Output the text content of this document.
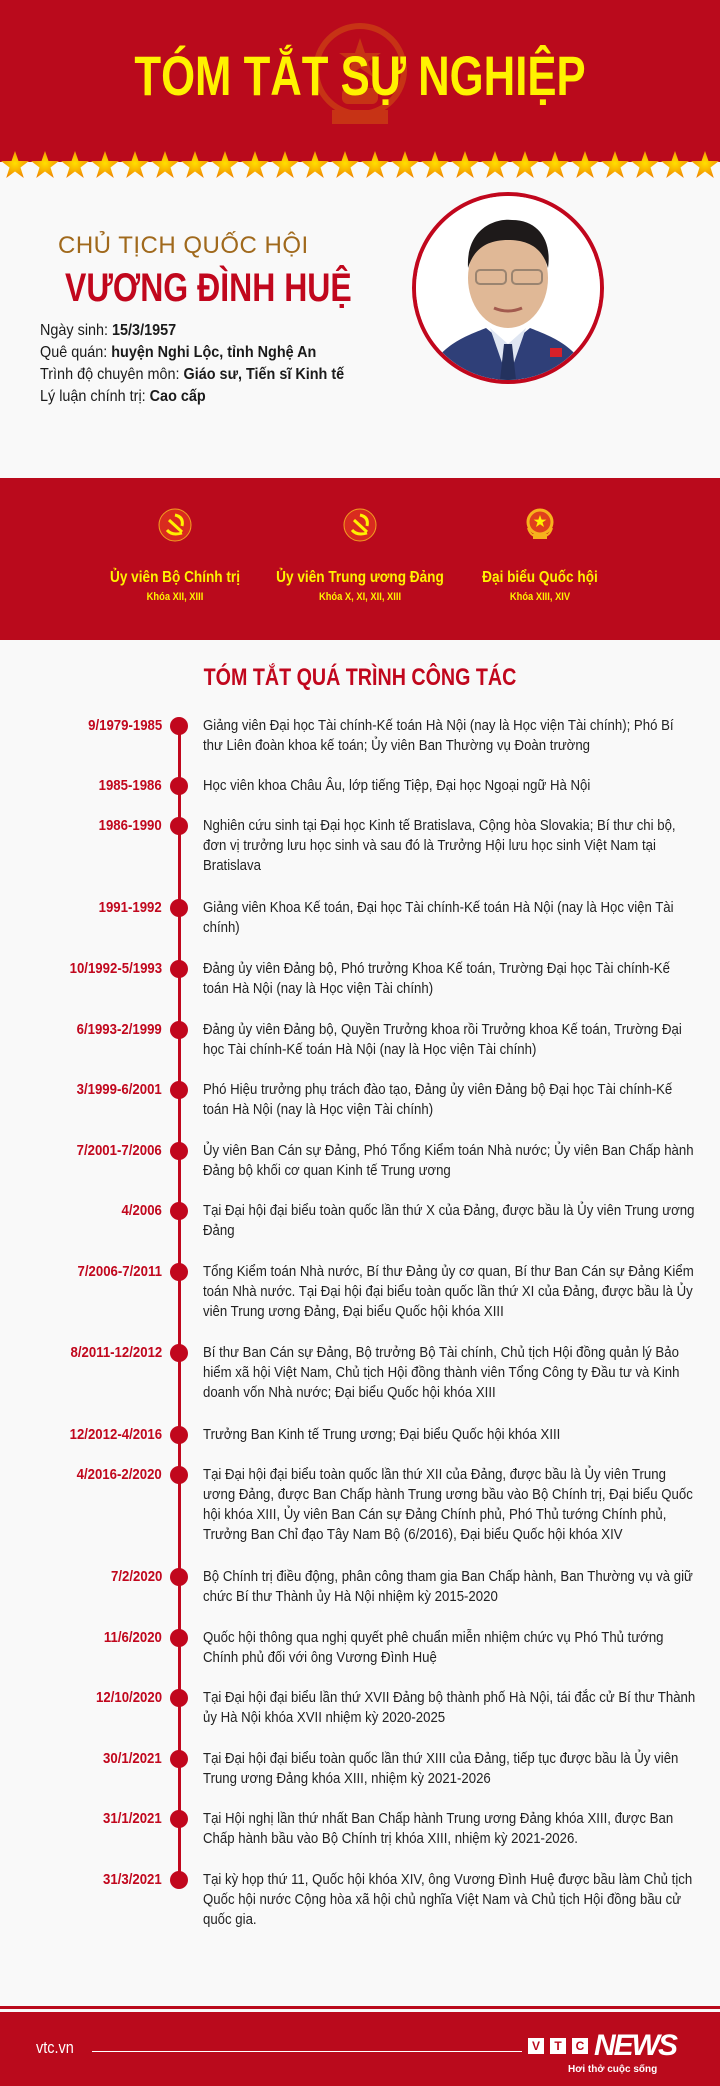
TÓM TẮT SỰ NGHIỆP
CHỦ TỊCH QUỐC HỘI
VƯƠNG ĐÌNH HUỆ
Ngày sinh: 15/3/1957
Quê quán: huyện Nghi Lộc, tỉnh Nghệ An
Trình độ chuyên môn: Giáo sư, Tiến sĩ Kinh tế
Lý luận chính trị: Cao cấp
Ủy viên Bộ Chính trị
Khóa XII, XIII
Ủy viên Trung ương Đảng
Khóa X, XI, XII, XIII
Đại biểu Quốc hội
Khóa XIII, XIV
TÓM TẮT QUÁ TRÌNH CÔNG TÁC
9/1979-1985	Giảng viên Đại học Tài chính-Kế toán Hà Nội (nay là Học viện Tài chính); Phó Bí thư Liên đoàn khoa kế toán; Ủy viên Ban Thường vụ Đoàn trường
1985-1986	Học viên khoa Châu Âu, lớp tiếng Tiệp, Đại học Ngoại ngữ Hà Nội
1986-1990	Nghiên cứu sinh tại Đại học Kinh tế Bratislava, Cộng hòa Slovakia; Bí thư chi bộ, đơn vị trưởng lưu học sinh và sau đó là Trưởng Hội lưu học sinh Việt Nam tại Bratislava
1991-1992	Giảng viên Khoa Kế toán, Đại học Tài chính-Kế toán Hà Nội (nay là Học viện Tài chính)
10/1992-5/1993	Đảng ủy viên Đảng bộ, Phó trưởng Khoa Kế toán, Trường Đại học Tài chính-Kế toán Hà Nội (nay là Học viện Tài chính)
6/1993-2/1999	Đảng ủy viên Đảng bộ, Quyền Trưởng khoa rồi Trưởng khoa Kế toán, Trường Đại học Tài chính-Kế toán Hà Nội (nay là Học viện Tài chính)
3/1999-6/2001	Phó Hiệu trưởng phụ trách đào tạo, Đảng ủy viên Đảng bộ Đại học Tài chính-Kế toán Hà Nội (nay là Học viện Tài chính)
7/2001-7/2006	Ủy viên Ban Cán sự Đảng, Phó Tổng Kiểm toán Nhà nước; Ủy viên Ban Chấp hành Đảng bộ khối cơ quan Kinh tế Trung ương
4/2006	Tại Đại hội đại biểu toàn quốc lần thứ X của Đảng, được bầu là Ủy viên Trung ương Đảng
7/2006-7/2011	Tổng Kiểm toán Nhà nước, Bí thư Đảng ủy cơ quan, Bí thư Ban Cán sự Đảng Kiểm toán Nhà nước. Tại Đại hội đại biểu toàn quốc lần thứ XI của Đảng, được bầu là Ủy viên Trung ương Đảng, Đại biểu Quốc hội khóa XIII
8/2011-12/2012	Bí thư Ban Cán sự Đảng, Bộ trưởng Bộ Tài chính, Chủ tịch Hội đồng quản lý Bảo hiểm xã hội Việt Nam, Chủ tịch Hội đồng thành viên Tổng Công ty Đầu tư và Kinh doanh vốn Nhà nước; Đại biểu Quốc hội khóa XIII
12/2012-4/2016	Trưởng Ban Kinh tế Trung ương; Đại biểu Quốc hội khóa XIII
4/2016-2/2020	Tại Đại hội đại biểu toàn quốc lần thứ XII của Đảng, được bầu là Ủy viên Trung ương Đảng, được Ban Chấp hành Trung ương bầu vào Bộ Chính trị, Đại biểu Quốc hội khóa XIII, Ủy viên Ban Cán sự Đảng Chính phủ, Phó Thủ tướng Chính phủ, Trưởng Ban Chỉ đạo Tây Nam Bộ (6/2016), Đại biểu Quốc hội khóa XIV
7/2/2020	Bộ Chính trị điều động, phân công tham gia Ban Chấp hành, Ban Thường vụ và giữ chức Bí thư Thành ủy Hà Nội nhiệm kỳ 2015-2020
11/6/2020	Quốc hội thông qua nghị quyết phê chuẩn miễn nhiệm chức vụ Phó Thủ tướng Chính phủ đối với ông Vương Đình Huệ
12/10/2020	Tại Đại hội đại biểu lần thứ XVII Đảng bộ thành phố Hà Nội, tái đắc cử Bí thư Thành ủy Hà Nội khóa XVII nhiệm kỳ 2020-2025
30/1/2021	Tại Đại hội đại biểu toàn quốc lần thứ XIII của Đảng, tiếp tục được bầu là Ủy viên Trung ương Đảng khóa XIII, nhiệm kỳ 2021-2026
31/1/2021	Tại Hội nghị lần thứ nhất Ban Chấp hành Trung ương Đảng khóa XIII, được Ban Chấp hành bầu vào Bộ Chính trị khóa XIII, nhiệm kỳ 2021-2026.
31/3/2021	Tại kỳ họp thứ 11, Quốc hội khóa XIV, ông Vương Đình Huệ được bầu làm Chủ tịch Quốc hội nước Cộng hòa xã hội chủ nghĩa Việt Nam và Chủ tịch Hội đồng bầu cử quốc gia.
vtc.vn	V	T	C NEWS
Hơi thở cuộc sống
